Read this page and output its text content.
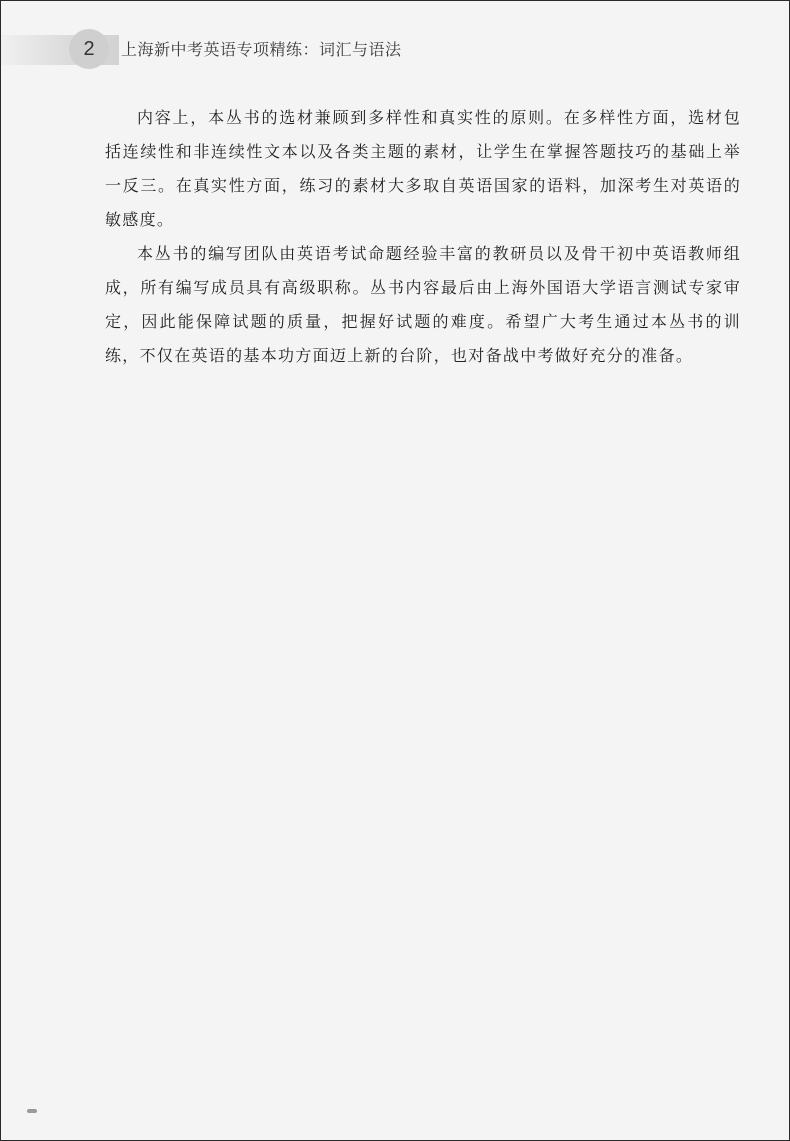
2	上海新中考英语专项精练：词汇与语法

内容上，本丛书的选材兼顾到多样性和真实性的原则。在多样性方面，选材包括连续性和非连续性文本以及各类主题的素材，让学生在掌握答题技巧的基础上举一反三。在真实性方面，练习的素材大多取自英语国家的语料，加深考生对英语的敏感度。

本丛书的编写团队由英语考试命题经验丰富的教研员以及骨干初中英语教师组成，所有编写成员具有高级职称。丛书内容最后由上海外国语大学语言测试专家审定，因此能保障试题的质量，把握好试题的难度。希望广大考生通过本丛书的训练，不仅在英语的基本功方面迈上新的台阶，也对备战中考做好充分的准备。
